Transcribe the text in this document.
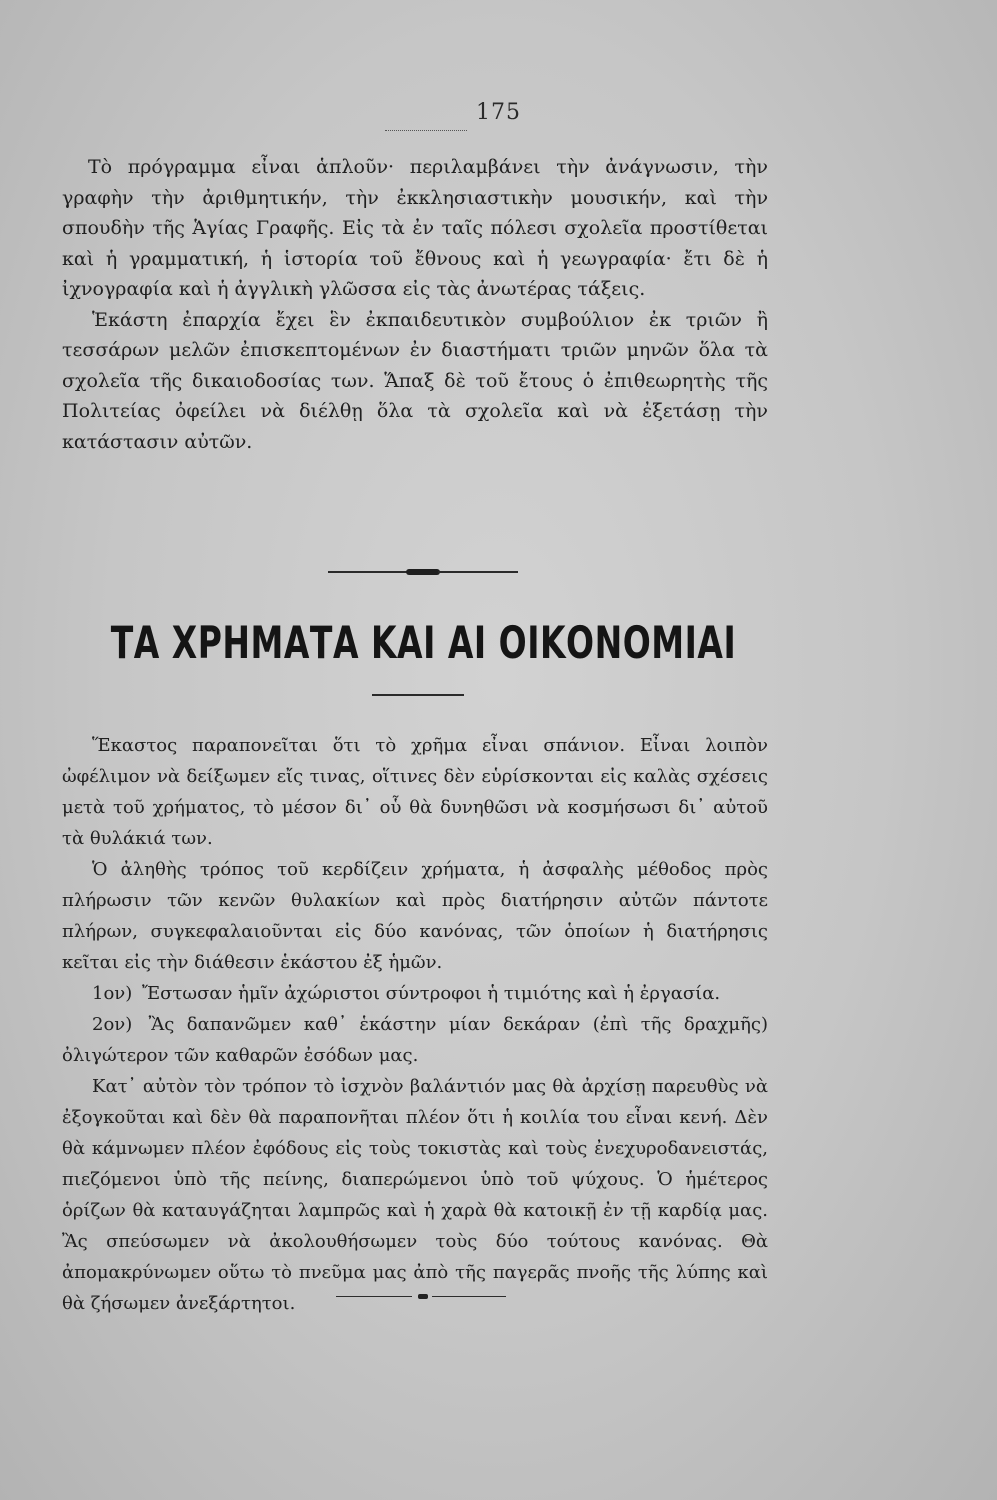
175

Τὸ πρόγραμμα εἶναι ἁπλοῦν· περιλαμβάνει τὴν ἀνάγνωσιν, τὴν γραφὴν τὴν ἀριθμητικήν, τὴν ἐκκλησιαστικὴν μουσικήν, καὶ τὴν σπουδὴν τῆς Ἁγίας Γραφῆς. Εἰς τὰ ἐν ταῖς πόλεσι σχολεῖα προστίθεται καὶ ἡ γραμματική, ἡ ἱστορία τοῦ ἔθνους καὶ ἡ γεωγραφία· ἔτι δὲ ἡ ἰχνογραφία καὶ ἡ ἀγγλικὴ γλῶσσα εἰς τὰς ἀνωτέρας τάξεις.

Ἑκάστη ἐπαρχία ἔχει ἓν ἐκπαιδευτικὸν συμβούλιον ἐκ τριῶν ἢ τεσσάρων μελῶν ἐπισκεπτομένων ἐν διαστήματι τριῶν μηνῶν ὅλα τὰ σχολεῖα τῆς δικαιοδοσίας των. Ἅπαξ δὲ τοῦ ἔτους ὁ ἐπιθεωρητὴς τῆς Πολιτείας ὀφείλει νὰ διέλθῃ ὅλα τὰ σχολεῖα καὶ νὰ ἐξετάσῃ τὴν κατάστασιν αὐτῶν.

ΤΑ ΧΡΗΜΑΤΑ ΚΑΙ ΑΙ ΟΙΚΟΝΟΜΙΑΙ

Ἕκαστος παραπονεῖται ὅτι τὸ χρῆμα εἶναι σπάνιον. Εἶναι λοιπὸν ὠφέλιμον νὰ δείξωμεν εἴς τινας, οἵτινες δὲν εὑρίσκονται εἰς καλὰς σχέσεις μετὰ τοῦ χρήματος, τὸ μέσον δι᾽ οὗ θὰ δυνηθῶσι νὰ κοσμήσωσι δι᾽ αὐτοῦ τὰ θυλάκιά των.

Ὁ ἀληθὴς τρόπος τοῦ κερδίζειν χρήματα, ἡ ἀσφαλὴς μέθοδος πρὸς πλήρωσιν τῶν κενῶν θυλακίων καὶ πρὸς διατήρησιν αὐτῶν πάντοτε πλήρων, συγκεφαλαιοῦνται εἰς δύο κανόνας, τῶν ὁποίων ἡ διατήρησις κεῖται εἰς τὴν διάθεσιν ἑκάστου ἐξ ἡμῶν.

1ον) Ἔστωσαν ἡμῖν ἀχώριστοι σύντροφοι ἡ τιμιότης καὶ ἡ ἐργασία.

2ον) Ἂς δαπανῶμεν καθ᾽ ἑκάστην μίαν δεκάραν (ἐπὶ τῆς δραχμῆς) ὀλιγώτερον τῶν καθαρῶν ἐσόδων μας.

Κατ᾽ αὐτὸν τὸν τρόπον τὸ ἰσχνὸν βαλάντιόν μας θὰ ἀρχίσῃ παρευθὺς νὰ ἐξογκοῦται καὶ δὲν θὰ παραπονῆται πλέον ὅτι ἡ κοιλία του εἶναι κενή. Δὲν θὰ κάμνωμεν πλέον ἐφόδους εἰς τοὺς τοκιστὰς καὶ τοὺς ἐνεχυροδανειστάς, πιεζόμενοι ὑπὸ τῆς πείνης, διαπερώμενοι ὑπὸ τοῦ ψύχους. Ὁ ἡμέτερος ὁρίζων θὰ καταυγάζηται λαμπρῶς καὶ ἡ χαρὰ θὰ κατοικῇ ἐν τῇ καρδίᾳ μας. Ἂς σπεύσωμεν νὰ ἀκολουθήσωμεν τοὺς δύο τούτους κανόνας. Θὰ ἀπομακρύνωμεν οὕτω τὸ πνεῦμα μας ἀπὸ τῆς παγερᾶς πνοῆς τῆς λύπης καὶ θὰ ζήσωμεν ἀνεξάρτητοι.
